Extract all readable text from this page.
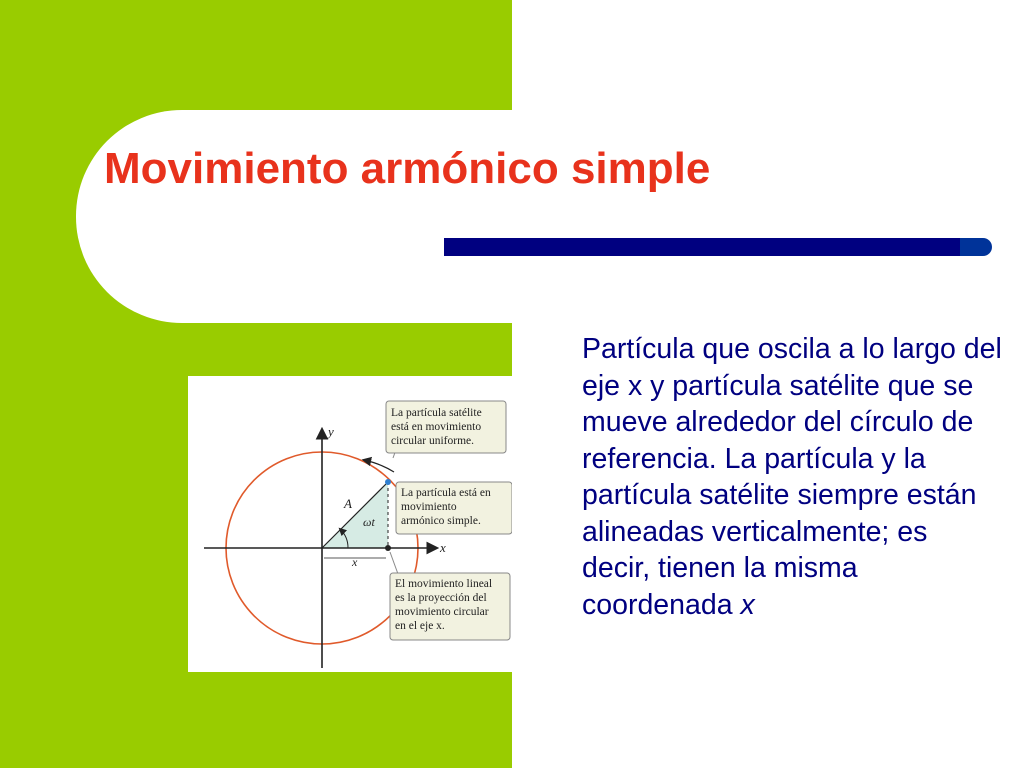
Movimiento armónico simple
y
x
A
ωt
x
La partícula satélite está en movimiento circular uniforme.
La partícula está en movimiento armónico simple.
El movimiento lineal es la proyección del movimiento circular en el eje x.

Partícula que oscila a lo largo del eje x y partícula satélite que se mueve alrededor del círculo de referencia. La partícula y la partícula satélite siempre están alineadas verticalmente; es decir, tienen la misma coordenada x
